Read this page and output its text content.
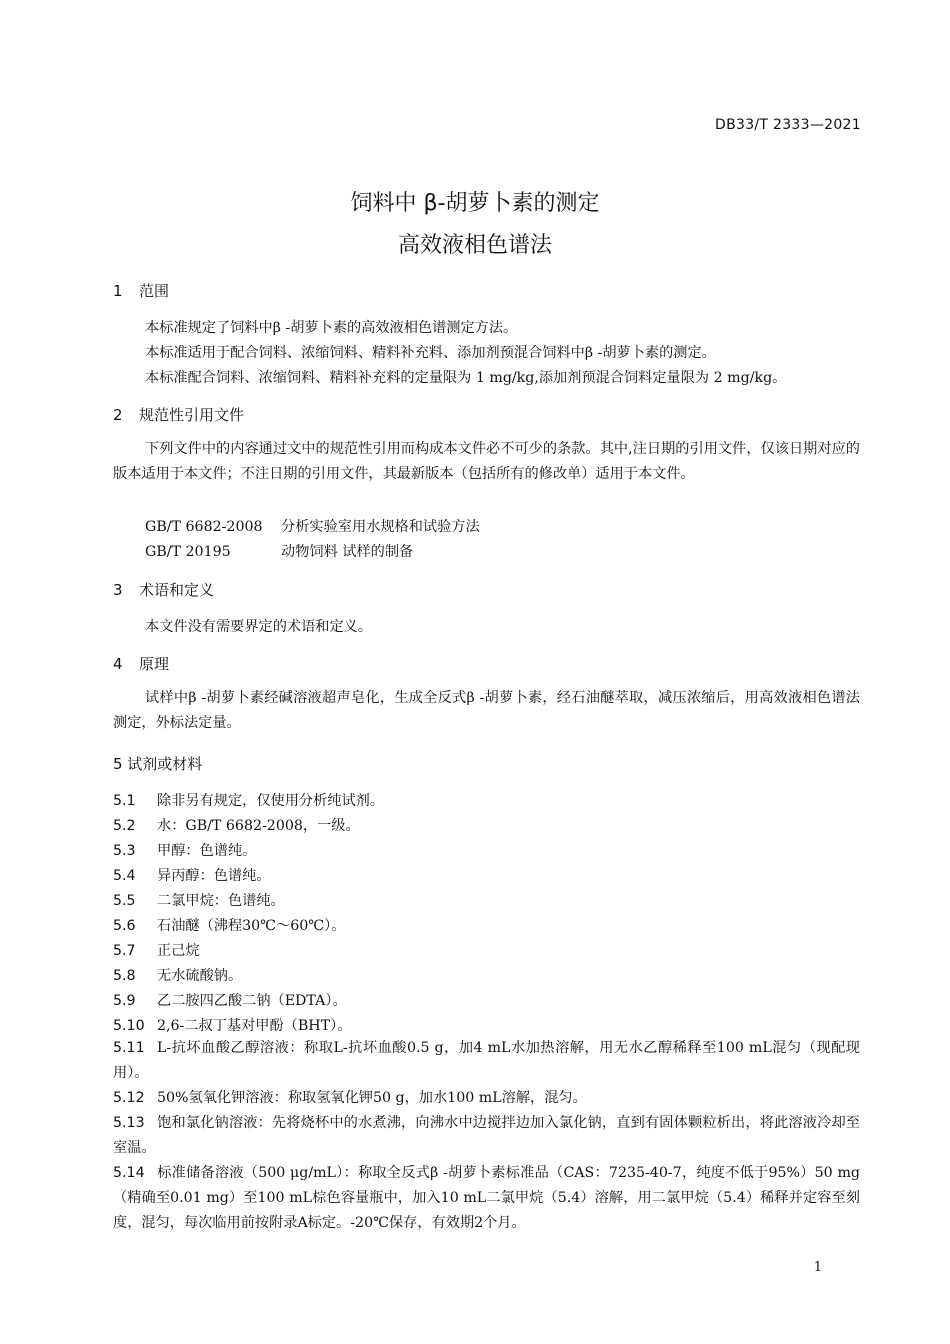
DB33/T 2333—2021
饲料中 β-胡萝卜素的测定
高效液相色谱法
1 范围
本标准规定了饲料中β -胡萝卜素的高效液相色谱测定方法。
本标准适用于配合饲料、浓缩饲料、精料补充料、添加剂预混合饲料中β -胡萝卜素的测定。
本标准配合饲料、浓缩饲料、精料补充料的定量限为 1 mg/kg,添加剂预混合饲料定量限为 2 mg/kg。
2 规范性引用文件
下列文件中的内容通过文中的规范性引用而构成本文件必不可少的条款。其中,注日期的引用文件，仅该日期对应的版本适用于本文件；不注日期的引用文件，其最新版本（包括所有的修改单）适用于本文件。
GB/T 6682-2008 分析实验室用水规格和试验方法
GB/T 20195	动物饲料 试样的制备
3 术语和定义
本文件没有需要界定的术语和定义。
4 原理
试样中β -胡萝卜素经碱溶液超声皂化，生成全反式β -胡萝卜素，经石油醚萃取，减压浓缩后，用高效液相色谱法测定，外标法定量。
5 试剂或材料
5.1 除非另有规定，仅使用分析纯试剂。
5.2 水：GB/T 6682-2008，一级。
5.3 甲醇：色谱纯。
5.4 异丙醇：色谱纯。
5.5 二氯甲烷：色谱纯。
5.6 石油醚（沸程30℃～60℃）。
5.7 正己烷
5.8 无水硫酸钠。
5.9 乙二胺四乙酸二钠（EDTA）。
5.10 2,6-二叔丁基对甲酚（BHT）。
5.11 L-抗坏血酸乙醇溶液：称取L-抗坏血酸0.5 g，加4 mL水加热溶解，用无水乙醇稀释至100 mL混匀（现配现用）。
5.12 50%氢氧化钾溶液：称取氢氧化钾50 g，加水100 mL溶解，混匀。
5.13 饱和氯化钠溶液：先将烧杯中的水煮沸，向沸水中边搅拌边加入氯化钠，直到有固体颗粒析出，将此溶液冷却至室温。
5.14 标准储备溶液（500 μg/mL）：称取全反式β -胡萝卜素标准品（CAS：7235-40-7，纯度不低于95%）50 mg（精确至0.01 mg）至100 mL棕色容量瓶中，加入10 mL二氯甲烷（5.4）溶解，用二氯甲烷（5.4）稀释并定容至刻度，混匀，每次临用前按附录A标定。-20℃保存，有效期2个月。
1
